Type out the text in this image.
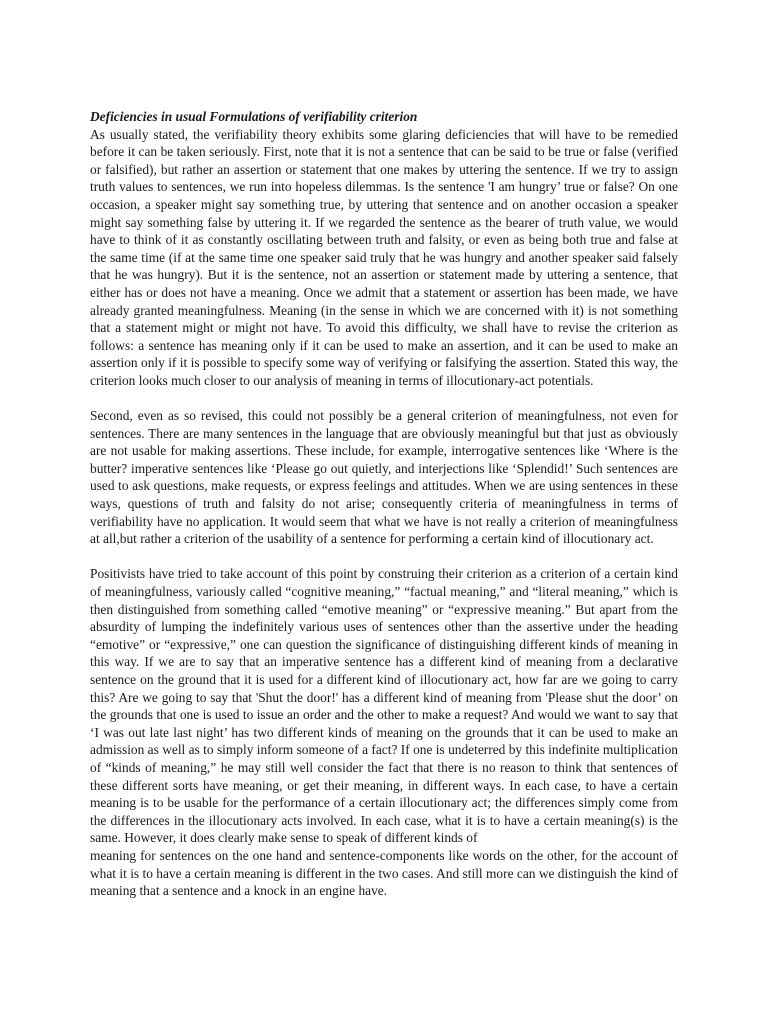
Deficiencies in usual Formulations of verifiability criterion

As usually stated, the verifiability theory exhibits some glaring deficiencies that will have to be remedied before it can be taken seriously. First, note that it is not a sentence that can be said to be true or false (verified or falsified), but rather an assertion or statement that one makes by uttering the sentence. If we try to assign truth values to sentences, we run into hopeless dilemmas. Is the sentence 'I am hungry’ true or false? On one occasion, a speaker might say something true, by uttering that sentence and on another occasion a speaker might say something false by uttering it. If we regarded the sentence as the bearer of truth value, we would have to think of it as constantly oscillating between truth and falsity, or even as being both true and false at the same time (if at the same time one speaker said truly that he was hungry and another speaker said falsely that he was hungry). But it is the sentence, not an assertion or statement made by uttering a sentence, that either has or does not have a meaning. Once we admit that a statement or assertion has been made, we have already granted meaningfulness. Meaning (in the sense in which we are concerned with it) is not something that a statement might or might not have. To avoid this difficulty, we shall have to revise the criterion as follows: a sentence has meaning only if it can be used to make an assertion, and it can be used to make an assertion only if it is possible to specify some way of verifying or falsifying the assertion. Stated this way, the criterion looks much closer to our analysis of meaning in terms of illocutionary-act potentials.

Second, even as so revised, this could not possibly be a general criterion of meaningfulness, not even for sentences. There are many sentences in the language that are obviously meaningful but that just as obviously are not usable for making assertions. These include, for example, interrogative sentences like ‘Where is the butter? imperative sentences like ‘Please go out quietly, and interjections like ‘Splendid!’ Such sentences are used to ask questions, make requests, or express feelings and attitudes. When we are using sentences in these ways, questions of truth and falsity do not arise; consequently criteria of meaningfulness in terms of verifiability have no application. It would seem that what we have is not really a criterion of meaningfulness at all,but rather a criterion of the usability of a sentence for performing a certain kind of illocutionary act.

Positivists have tried to take account of this point by construing their criterion as a criterion of a certain kind of meaningfulness, variously called “cognitive meaning,” “factual meaning,” and “literal meaning,” which is then distinguished from something called “emotive meaning” or “expressive meaning.” But apart from the absurdity of lumping the indefinitely various uses of sentences other than the assertive under the heading “emotive” or “expressive,” one can question the significance of distinguishing different kinds of meaning in this way. If we are to say that an imperative sentence has a different kind of meaning from a declarative sentence on the ground that it is used for a different kind of illocutionary act, how far are we going to carry this? Are we going to say that 'Shut the door!' has a different kind of meaning from 'Please shut the door’ on the grounds that one is used to issue an order and the other to make a request? And would we want to say that ‘I was out late last night’ has two different kinds of meaning on the grounds that it can be used to make an admission as well as to simply inform someone of a fact? If one is undeterred by this indefinite multiplication of “kinds of meaning,” he may still well consider the fact that there is no reason to think that sentences of these different sorts have meaning, or get their meaning, in different ways. In each case, to have a certain meaning is to be usable for the performance of a certain illocutionary act; the differences simply come from the differences in the illocutionary acts involved. In each case, what it is to have a certain meaning(s) is the same. However, it does clearly make sense to speak of different kinds of

meaning for sentences on the one hand and sentence-components like words on the other, for the account of what it is to have a certain meaning is different in the two cases. And still more can we distinguish the kind of meaning that a sentence and a knock in an engine have.
